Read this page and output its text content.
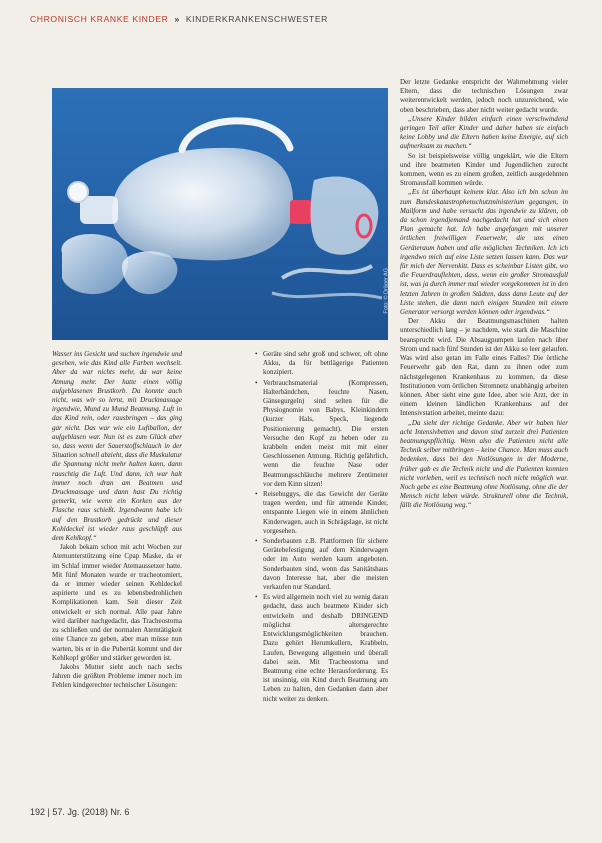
CHRONISCH KRANKE KINDER » KINDERKRANKENSCHWESTER
Foto: © Dräger AG

Wasser ins Gesicht und suchen irgendwie und gesehen, wie das Kind alle Farben wechselt. Aber da war nichts mehr, da war keine Atmung mehr. Der hatte einen völlig aufgeblasenen Brustkorb. Da konnte auch nicht, was wir so lernt, mit Druckmassage irgendwie, Mund zu Mund Beatmung. Luft in das Kind rein, oder rausbringen – das ging gar nicht. Das war wie ein Luftballon, der aufgeblasen war. Nun ist es zum Glück aber so, dass wenn der Sauerstoffschlauch in der Situation schnell abzieht, dass die Muskulatur die Spannung nicht mehr halten kann, dann rauschtig die Luft. Und dann, ich war halt immer noch dran am Beatmen und Druckmassage und dann hast Du richtig gemerkt, wie wenn ein Korken aus der Flasche raus schießt. Irgendwann habe ich auf den Brustkorb gedrückt und dieser Kohldeckel ist wieder raus geschlüpft aus dem Kehlkopf.“

Jakob bekam schon mit acht Wochen zur Atemunterstützung eine Cpap Maske, da er im Schlaf immer wieder Atemaussetzer hatte. Mit fünf Monaten wurde er tracheotomiert, da er immer wieder seinen Kehldeckel aspirierte und es zu lebensbedrohlichen Komplikationen kam. Seit dieser Zeit entwickelt er sich normal. Alle paar Jahre wird darüber nachgedacht, das Tracheostoma zu schließen und der normalen Atemtätigkeit eine Chance zu geben, aber man müsse nun warten, bis er in die Pubertät kommt und der Kehlkopf größer und stärker geworden ist.

Jakobs Mutter sieht auch nach sechs Jahren die größten Probleme immer noch im Fehlen kindgerechter technischer Lösungen:

• Geräte sind sehr groß und schwer, oft ohne Akku, da für bettlägerige Patienten konzipiert.
• Verbrauchsmaterial (Kompressen, Halterbändchen, feuchte Nasen, Gänsegurgeln) sind selten für die Physiognomie von Babys, Kleinkindern (kurzer Hals, Speck, liegende Positionierung gemacht). Die ersten Versuche den Kopf zu heben oder zu krabbeln enden meist mit mit einer Geschlossenen Atmung. Richtig gefährlich, wenn die feuchte Nase oder Beatmungsschläuche mehrere Zentimeter vor dem Kinn sitzen!
• Reisebuggys, die das Gewicht der Geräte tragen werden, und für atmende Kinder, entspannte Liegen wie in einem ähnlichen Kinderwagen, auch in Schrägslage, ist nicht vorgesehen.
• Sonderbauten z.B. Plattformen für sichere Gerätebefestigung auf dem Kinderwagen oder im Auto werden kaum angeboten. Sonderbauten sind, wenn das Sanitätshaus davon Interesse hat, aber die meisten verkaufen nur Standard.
• Es wird allgemein noch viel zu wenig daran gedacht, dass auch beatmete Kinder sich entwickeln und deshalb DRINGEND möglichst altersgerechte Entwicklungsmöglichkeiten brauchen. Dazu gehört Herumkullern, Krabbeln, Laufen, Bewegung allgemein und überall dabei sein. Mit Tracheostoma und Beatmung eine echte Herausforderung. Es ist unsinnig, ein Kind durch Beatmung am Leben zu halten, den Gedanken dann aber nicht weiter zu denken.

Der letzte Gedanke entspricht der Wahrnehmung vieler Eltern, dass die technischen Lösungen zwar weiterentwickelt werden, jedoch noch unzureichend, wie oben beschrieben, dass aber nicht weiter gedacht wurde.

„Unsere Kinder bilden einfach einen verschwindend geringen Teil aller Kinder und daher haben sie einfach keine Lobby und die Eltern haben keine Energie, auf sich aufmerksam zu machen.“

So ist beispielsweise völlig ungeklärt, wie die Eltern und ihre beatmeten Kinder und Jugendlichen zurecht kommen, wenn es zu einem großen, zeitlich ausgedehnten Stromausfall kommen würde.

„Es ist überhaupt keinem klar. Also ich bin schon im zum Bundeskatastrophenschutzministerium gegangen, in Mailform und habe versucht das irgendwie zu klären, ob da schon irgendjemand nachgedacht hat und sich einen Plan gemacht hat. Ich habe angefangen mit unserer örtlichen freiwilligen Feuerwehr, die uns einen Geräteraum haben und alle möglichen Techniken. Ich ich irgendwo mich auf eine Liste setzen lassen kann. Das war für mich der Nervenkitt. Dass es scheinbar Listen gibt, wo die Feuerdrauflehten, dass, wenn ein großer Stromausfall ist, was ja durch immer mal wieder vorgekommen ist in den letzten Jahren in großen Städten, dass dann Leute auf der Liste stehen, die dann nach einigen Stunden mit einem Generator versorgt werden können oder irgendwas.“

Der Akku der Beatmungsmaschinen halten unterschiedlich lang – je nachdem, wie stark die Maschine beansprucht wird. Die Absaugpumpen laufen nach über Strom und nach fünf Stunden ist der Akku so leer gelaufen. Was wird also getan im Falle eines Falles? Die örtliche Feuerwehr gab den Rat, dann zu ihnen oder zum nächstgelegenen Krankenhaus zu kommen, da diese Institutionen vom örtlichen Stromnetz unabhängig arbeiten können. Aber sieht eine gute Idee, aber wie Arzt, der in einem kleinen ländlichen Krankenhaus auf der Intensivstation arbeitet, meinte dazu:

„Da sieht der richtige Gedanke. Aber wir haben hier acht Intensivbetten und davon sind zurzeit drei Patienten beatmungspflichtig. Wenn also die Patienten nicht alle Technik selber mitbringen – keine Chance. Man muss auch bedenken, dass bei den Notlösungen in der Moderne, früher gab es die Technik nicht und die Patienten konnten nicht vorleben, weil es technisch noch nicht möglich war. Noch gebe es eine Beatmung ohne Notlösung, ohne die der Mensch nicht leben würde. Strukturell ohne die Technik, fällt die Notlösung weg.“

192 | 57. Jg. (2018) Nr. 6
